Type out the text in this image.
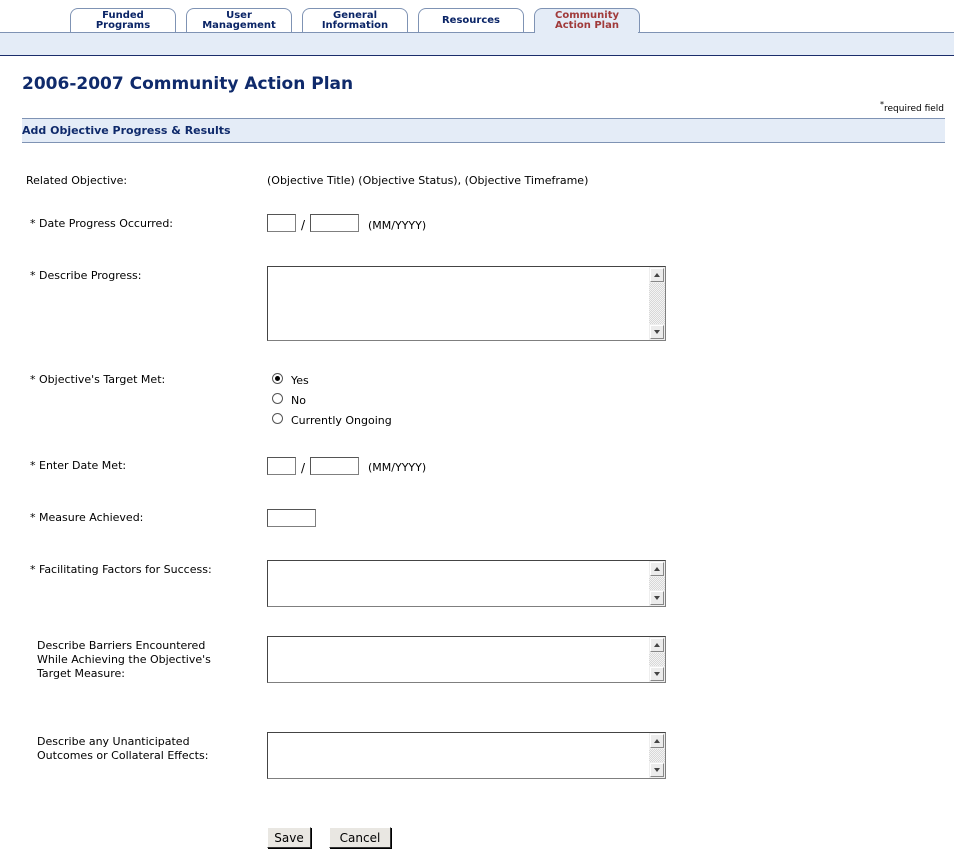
Funded
Programs
User
Management
General
Information	Resources	Community
Action Plan
2006-2007 Community Action Plan
*required field
Add Objective Progress & Results
Related Objective:	(Objective Title) (Objective Status), (Objective Timeframe)
* Date Progress Occurred:	/	(MM/YYYY)
* Describe Progress:
* Objective's Target Met:	Yes
No
Currently Ongoing
* Enter Date Met:	/	(MM/YYYY)
* Measure Achieved:
* Facilitating Factors for Success:
Describe Barriers Encountered
While Achieving the Objective's
Target Measure:
Describe any Unanticipated
Outcomes or Collateral Effects:
Save	Cancel
